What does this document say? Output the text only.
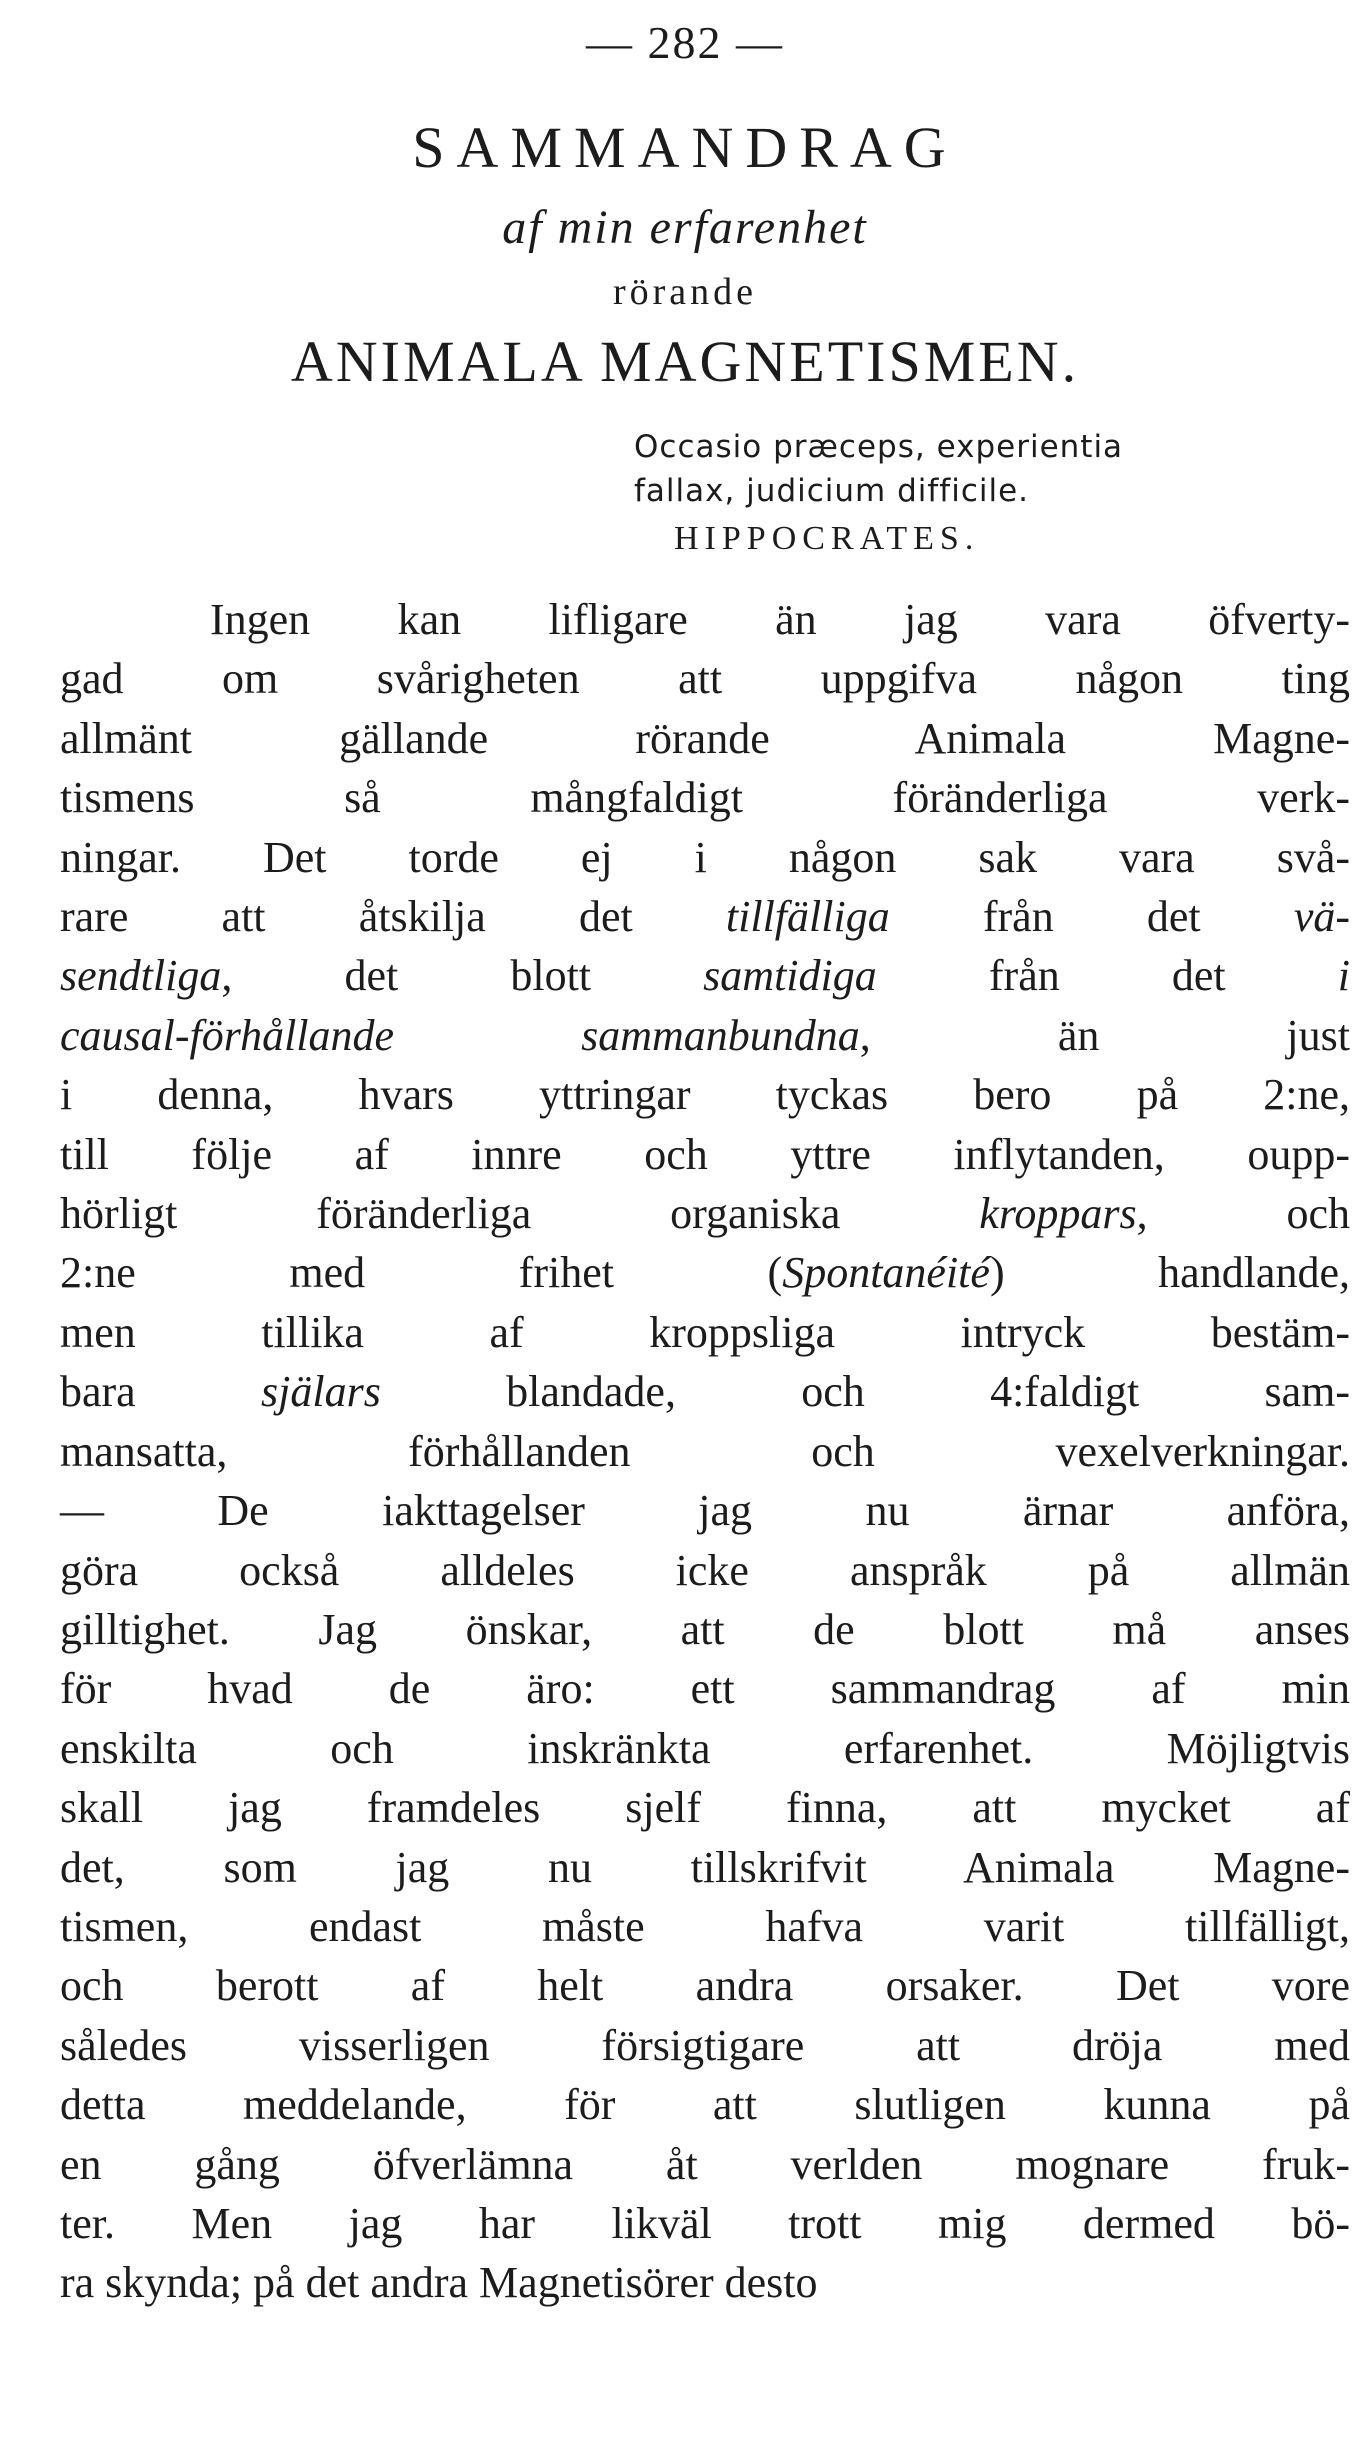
— 282 —
SAMMANDRAG
af min erfarenhet
rörande
ANIMALA MAGNETISMEN.
Occasio præceps, experientia
fallax, judicium difficile.
HIPPOCRATES.
Ingen kan lifligare än jag vara öfverty-
gad om svårigheten att uppgifva någon ting
allmänt gällande rörande Animala Magne-
tismens så mångfaldigt föränderliga verk-
ningar. Det torde ej i någon sak vara svå-
rare att åtskilja det tillfälliga från det vä-
sendtliga, det blott samtidiga från det i
causal-förhållande sammanbundna, än just
i denna, hvars yttringar tyckas bero på 2:ne,
till följe af innre och yttre inflytanden, oupp-
hörligt föränderliga organiska kroppars, och
2:ne med frihet (Spontanéité) handlande,
men tillika af kroppsliga intryck bestäm-
bara själars blandade, och 4:faldigt sam-
mansatta, förhållanden och vexelverkningar.
— De iakttagelser jag nu ärnar anföra,
göra också alldeles icke anspråk på allmän
gilltighet. Jag önskar, att de blott må anses
för hvad de äro: ett sammandrag af min
enskilta och inskränkta erfarenhet. Möjligtvis
skall jag framdeles sjelf finna, att mycket af
det, som jag nu tillskrifvit Animala Magne-
tismen, endast måste hafva varit tillfälligt,
och berott af helt andra orsaker. Det vore
således visserligen försigtigare att dröja med
detta meddelande, för att slutligen kunna på
en gång öfverlämna åt verlden mognare fruk-
ter. Men jag har likväl trott mig dermed bö-
ra skynda; på det andra Magnetisörer desto
